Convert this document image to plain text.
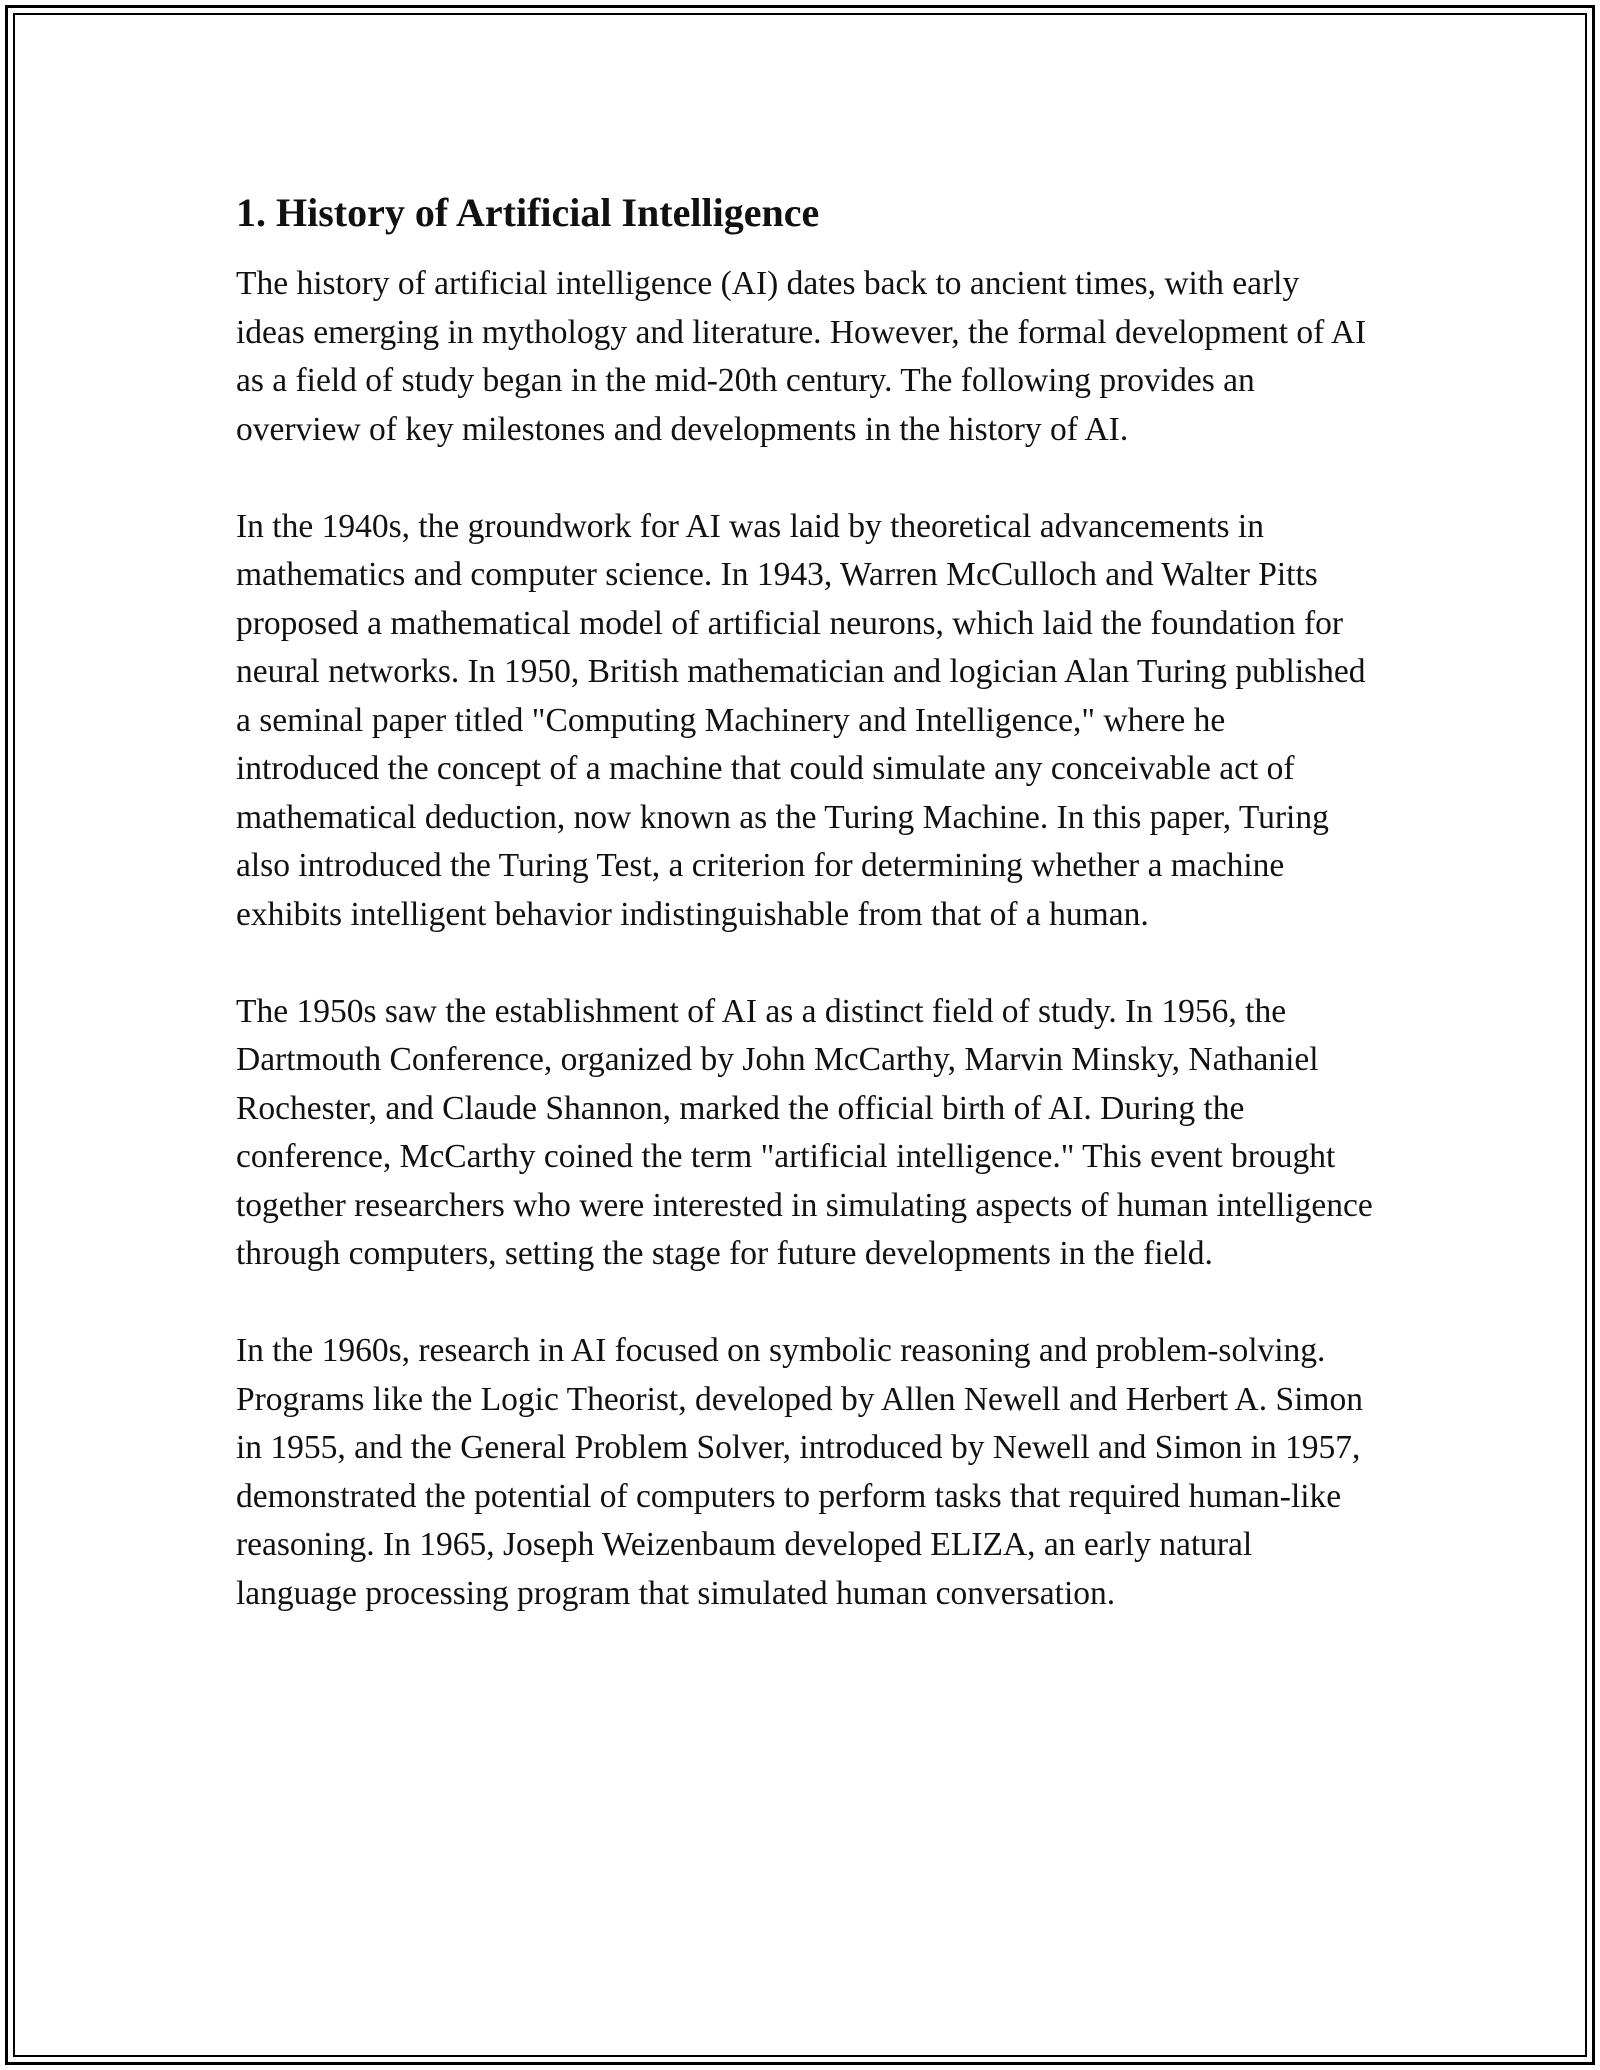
1. History of Artificial Intelligence

The history of artificial intelligence (AI) dates back to ancient times, with early ideas emerging in mythology and literature. However, the formal development of AI as a field of study began in the mid-20th century. The following provides an overview of key milestones and developments in the history of AI.

In the 1940s, the groundwork for AI was laid by theoretical advancements in mathematics and computer science. In 1943, Warren McCulloch and Walter Pitts proposed a mathematical model of artificial neurons, which laid the foundation for neural networks. In 1950, British mathematician and logician Alan Turing published a seminal paper titled "Computing Machinery and Intelligence," where he introduced the concept of a machine that could simulate any conceivable act of mathematical deduction, now known as the Turing Machine. In this paper, Turing also introduced the Turing Test, a criterion for determining whether a machine exhibits intelligent behavior indistinguishable from that of a human.

The 1950s saw the establishment of AI as a distinct field of study. In 1956, the Dartmouth Conference, organized by John McCarthy, Marvin Minsky, Nathaniel Rochester, and Claude Shannon, marked the official birth of AI. During the conference, McCarthy coined the term "artificial intelligence." This event brought together researchers who were interested in simulating aspects of human intelligence through computers, setting the stage for future developments in the field.

In the 1960s, research in AI focused on symbolic reasoning and problem-solving. Programs like the Logic Theorist, developed by Allen Newell and Herbert A. Simon in 1955, and the General Problem Solver, introduced by Newell and Simon in 1957, demonstrated the potential of computers to perform tasks that required human-like reasoning. In 1965, Joseph Weizenbaum developed ELIZA, an early natural language processing program that simulated human conversation.
